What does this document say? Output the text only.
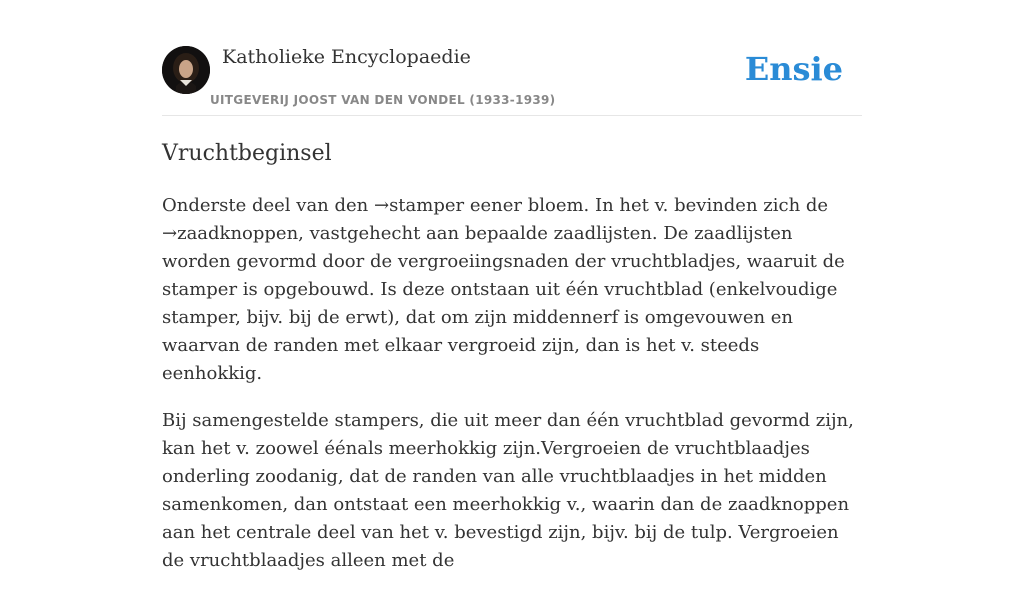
Katholieke Encyclopaedie
UITGEVERIJ JOOST VAN DEN VONDEL (1933-1939)
Ensie
Vruchtbeginsel

Onderste deel van den →stamper eener bloem. In het v. bevinden zich de →zaadknoppen, vastgehecht aan bepaalde zaadlijsten. De zaadlijsten worden gevormd door de vergroeiingsnaden der vruchtbladjes, waaruit de stamper is opgebouwd. Is deze ontstaan uit één vruchtblad (enkelvoudige stamper, bijv. bij de erwt), dat om zijn middennerf is omgevouwen en waarvan de randen met elkaar vergroeid zijn, dan is het v. steeds eenhokkig.

Bij samengestelde stampers, die uit meer dan één vruchtblad gevormd zijn, kan het v. zoowel éénals meerhokkig zijn.Vergroeien de vruchtblaadjes onderling zoodanig, dat de randen van alle vruchtblaadjes in het midden samenkomen, dan ontstaat een meerhokkig v., waarin dan de zaadknoppen aan het centrale deel van het v. bevestigd zijn, bijv. bij de tulp. Vergroeien de vruchtblaadjes alleen met de
